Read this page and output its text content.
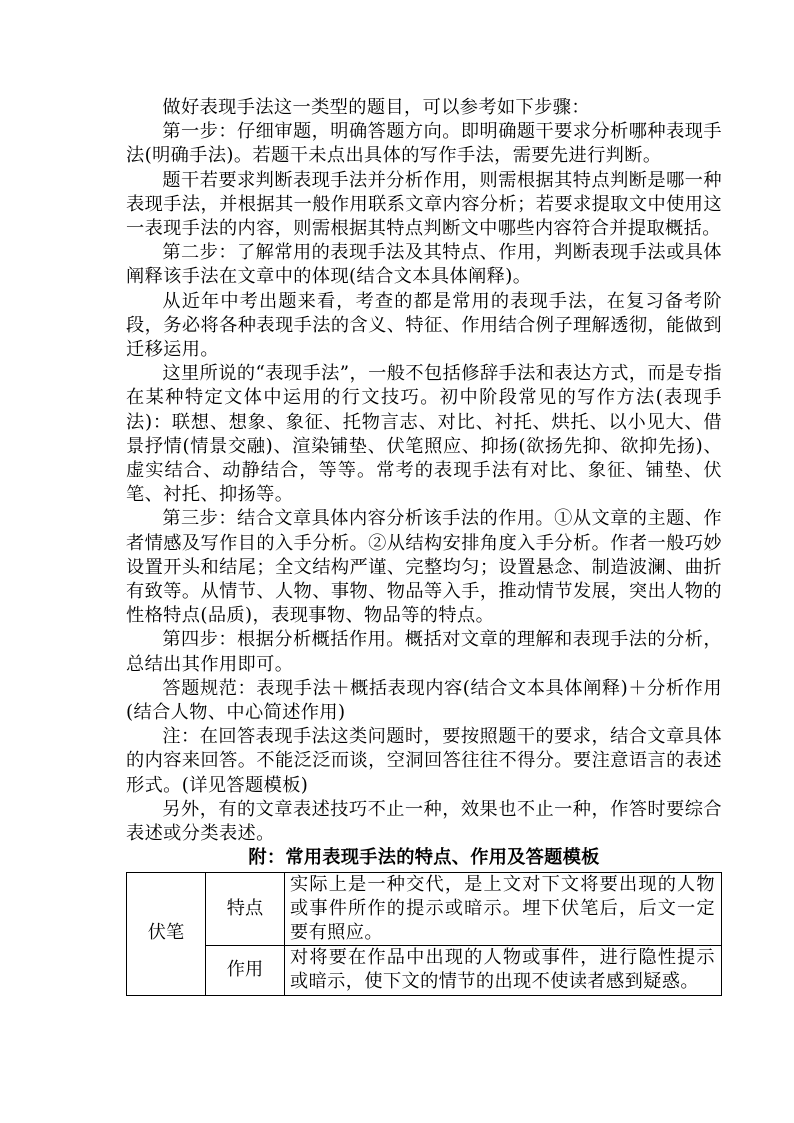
做好表现手法这一类型的题目，可以参考如下步骤：

第一步：仔细审题，明确答题方向。即明确题干要求分析哪种表现手法(明确手法)。若题干未点出具体的写作手法，需要先进行判断。

题干若要求判断表现手法并分析作用，则需根据其特点判断是哪一种表现手法，并根据其一般作用联系文章内容分析；若要求提取文中使用这一表现手法的内容，则需根据其特点判断文中哪些内容符合并提取概括。

第二步：了解常用的表现手法及其特点、作用，判断表现手法或具体阐释该手法在文章中的体现(结合文本具体阐释)。

从近年中考出题来看，考查的都是常用的表现手法，在复习备考阶段，务必将各种表现手法的含义、特征、作用结合例子理解透彻，能做到迁移运用。

这里所说的“表现手法”，一般不包括修辞手法和表达方式，而是专指在某种特定文体中运用的行文技巧。初中阶段常见的写作方法(表现手法)：联想、想象、象征、托物言志、对比、衬托、烘托、以小见大、借景抒情(情景交融)、渲染铺垫、伏笔照应、抑扬(欲扬先抑、欲抑先扬)、虚实结合、动静结合，等等。常考的表现手法有对比、象征、铺垫、伏笔、衬托、抑扬等。

第三步：结合文章具体内容分析该手法的作用。①从文章的主题、作者情感及写作目的入手分析。②从结构安排角度入手分析。作者一般巧妙设置开头和结尾；全文结构严谨、完整均匀；设置悬念、制造波澜、曲折有致等。从情节、人物、事物、物品等入手，推动情节发展，突出人物的性格特点(品质)，表现事物、物品等的特点。

第四步：根据分析概括作用。概括对文章的理解和表现手法的分析，总结出其作用即可。

答题规范：表现手法＋概括表现内容(结合文本具体阐释)＋分析作用(结合人物、中心简述作用)

注：在回答表现手法这类问题时，要按照题干的要求，结合文章具体的内容来回答。不能泛泛而谈，空洞回答往往不得分。要注意语言的表述形式。(详见答题模板)

另外，有的文章表述技巧不止一种，效果也不止一种，作答时要综合表述或分类表述。

附：常用表现手法的特点、作用及答题模板

伏笔	特点	实际上是一种交代，是上文对下文将要出现的人物或事件所作的提示或暗示。埋下伏笔后，后文一定要有照应。
	作用	对将要在作品中出现的人物或事件，进行隐性提示或暗示，使下文的情节的出现不使读者感到疑惑。
